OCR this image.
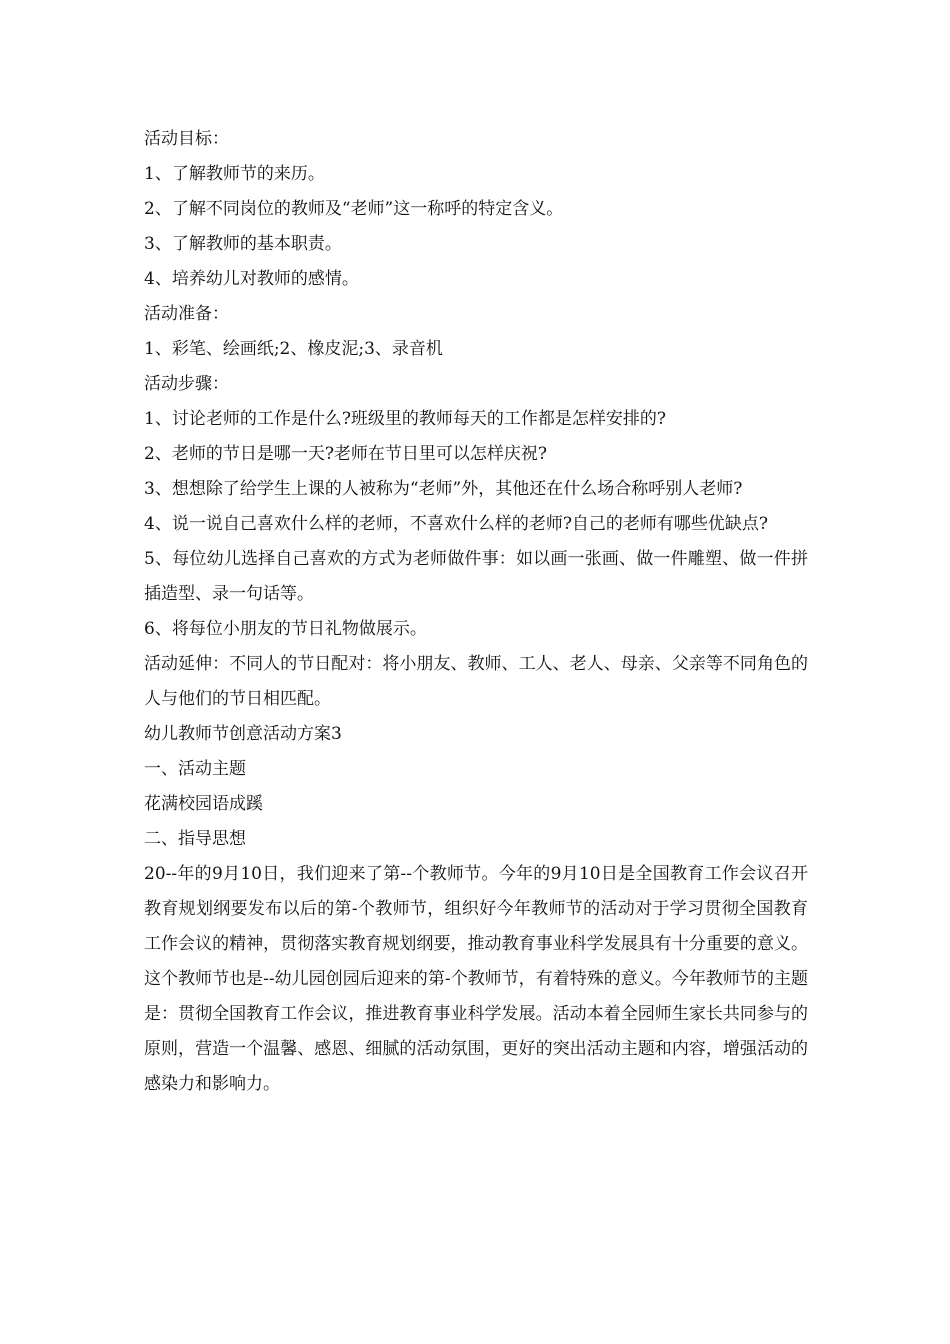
活动目标：

1、了解教师节的来历。

2、了解不同岗位的教师及“老师”这一称呼的特定含义。

3、了解教师的基本职责。

4、培养幼儿对教师的感情。

活动准备：

1、彩笔、绘画纸;2、橡皮泥;3、录音机

活动步骤：

1、讨论老师的工作是什么?班级里的教师每天的工作都是怎样安排的?

2、老师的节日是哪一天?老师在节日里可以怎样庆祝?

3、想想除了给学生上课的人被称为“老师”外，其他还在什么场合称呼别人老师?

4、说一说自己喜欢什么样的老师，不喜欢什么样的老师?自己的老师有哪些优缺点?

5、每位幼儿选择自己喜欢的方式为老师做件事：如以画一张画、做一件雕塑、做一件拼插造型、录一句话等。

6、将每位小朋友的节日礼物做展示。

活动延伸：不同人的节日配对：将小朋友、教师、工人、老人、母亲、父亲等不同角色的人与他们的节日相匹配。

幼儿教师节创意活动方案3

一、活动主题

花满校园语成蹊

二、指导思想

20--年的9月10日，我们迎来了第--个教师节。今年的9月10日是全国教育工作会议召开教育规划纲要发布以后的第-个教师节，组织好今年教师节的活动对于学习贯彻全国教育工作会议的精神，贯彻落实教育规划纲要，推动教育事业科学发展具有十分重要的意义。这个教师节也是--幼儿园创园后迎来的第-个教师节，有着特殊的意义。今年教师节的主题是：贯彻全国教育工作会议，推进教育事业科学发展。活动本着全园师生家长共同参与的原则，营造一个温馨、感恩、细腻的活动氛围，更好的突出活动主题和内容，增强活动的感染力和影响力。
